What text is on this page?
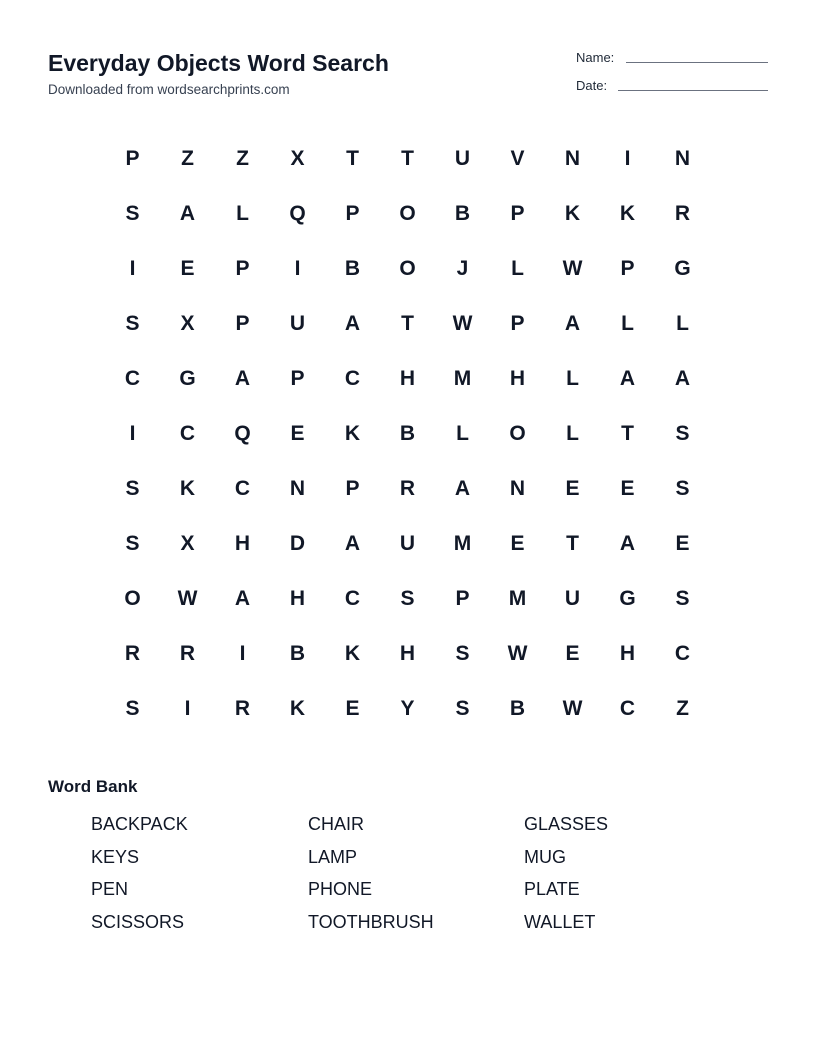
Everyday Objects Word Search
Downloaded from wordsearchprints.com
Name:
Date:
P	Z	Z	X	T	T	U	V	N	I	N
S	A	L	Q	P	O	B	P	K	K	R
I	E	P	I	B	O	J	L	W	P	G
S	X	P	U	A	T	W	P	A	L	L
C	G	A	P	C	H	M	H	L	A	A
I	C	Q	E	K	B	L	O	L	T	S
S	K	C	N	P	R	A	N	E	E	S
S	X	H	D	A	U	M	E	T	A	E
O	W	A	H	C	S	P	M	U	G	S
R	R	I	B	K	H	S	W	E	H	C
S	I	R	K	E	Y	S	B	W	C	Z
Word Bank
BACKPACK	CHAIR	GLASSES
KEYS	LAMP	MUG
PEN	PHONE	PLATE
SCISSORS	TOOTHBRUSH	WALLET
